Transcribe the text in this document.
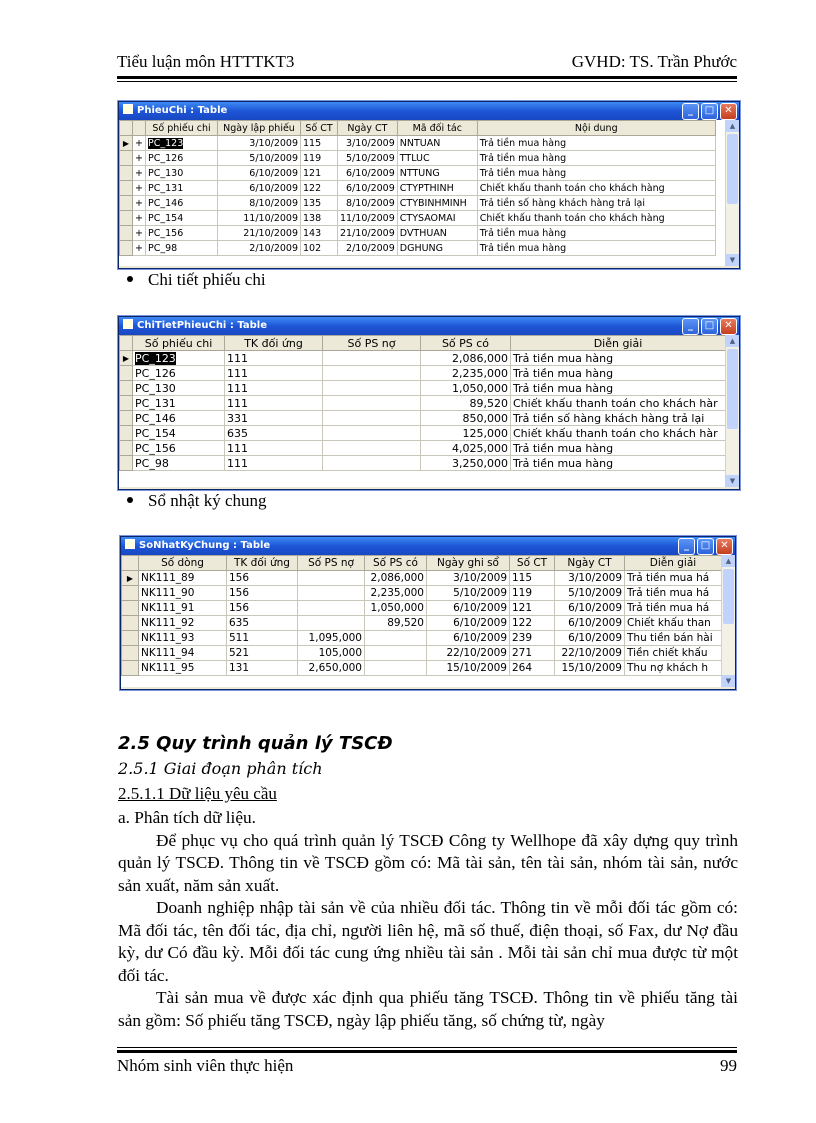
Tiểu luận môn HTTTKT3	GVHD: TS. Trần Phước
PhieuChi : Table	_	□	✕
		Số phiếu chi	Ngày lập phiếu	Số CT	Ngày CT	Mã đối tác	Nội dung
▶	+	PC_123	3/10/2009	115	3/10/2009	NNTUAN	Trả tiền mua hàng
	+	PC_126	5/10/2009	119	5/10/2009	TTLUC	Trả tiền mua hàng
	+	PC_130	6/10/2009	121	6/10/2009	NTTUNG	Trả tiền mua hàng
	+	PC_131	6/10/2009	122	6/10/2009	CTYPTHINH	Chiết khấu thanh toán cho khách hàng
	+	PC_146	8/10/2009	135	8/10/2009	CTYBINHMINH	Trả tiền số hàng khách hàng trả lại
	+	PC_154	11/10/2009	138	11/10/2009	CTYSAOMAI	Chiết khấu thanh toán cho khách hàng
	+	PC_156	21/10/2009	143	21/10/2009	DVTHUAN	Trả tiền mua hàng
	+	PC_98	2/10/2009	102	2/10/2009	DGHUNG	Trả tiền mua hàng
▲
▼
Chi tiết phiếu chi
ChiTietPhieuChi : Table	_	□	✕
	Số phiếu chi	TK đối ứng	Số PS nợ	Số PS có	Diễn giải
▶	PC_123	111		2,086,000	Trả tiền mua hàng
	PC_126	111		2,235,000	Trả tiền mua hàng
	PC_130	111		1,050,000	Trả tiền mua hàng
	PC_131	111		89,520	Chiết khấu thanh toán cho khách hàr
	PC_146	331		850,000	Trả tiền số hàng khách hàng trả lại
	PC_154	635		125,000	Chiết khấu thanh toán cho khách hàr
	PC_156	111		4,025,000	Trả tiền mua hàng
	PC_98	111		3,250,000	Trả tiền mua hàng
▲
▼
Sổ nhật ký chung
SoNhatKyChung : Table	_	□	✕
	Số dòng	TK đối ứng	Số PS nợ	Số PS có	Ngày ghi sổ	Số CT	Ngày CT	Diễn giải
▶	NK111_89	156		2,086,000	3/10/2009	115	3/10/2009	Trả tiền mua há
	NK111_90	156		2,235,000	5/10/2009	119	5/10/2009	Trả tiền mua há
	NK111_91	156		1,050,000	6/10/2009	121	6/10/2009	Trả tiền mua há
	NK111_92	635		89,520	6/10/2009	122	6/10/2009	Chiết khấu than
	NK111_93	511	1,095,000		6/10/2009	239	6/10/2009	Thu tiền bán hài
	NK111_94	521	105,000		22/10/2009	271	22/10/2009	Tiền chiết khấu
	NK111_95	131	2,650,000		15/10/2009	264	15/10/2009	Thu nợ khách h
▲
▼
2.5 Quy trình quản lý TSCĐ
2.5.1 Giai đoạn phân tích
2.5.1.1 Dữ liệu yêu cầu

a. Phân tích dữ liệu.

Để phục vụ cho quá trình quản lý TSCĐ Công ty Wellhope đã xây dựng quy trình quản lý TSCĐ. Thông tin về TSCĐ gồm có: Mã tài sản, tên tài sản, nhóm tài sản, nước sản xuất, năm sản xuất.

Doanh nghiệp nhập tài sản về của nhiều đối tác. Thông tin về mỗi đối tác gồm có: Mã đối tác, tên đối tác, địa chỉ, người liên hệ, mã số thuế, điện thoại, số Fax, dư Nợ đầu kỳ, dư Có đầu kỳ. Mỗi đối tác cung ứng nhiều tài sản . Mỗi tài sản chỉ mua được từ một đối tác.

Tài sản mua về được xác định qua phiếu tăng TSCĐ. Thông tin về phiếu tăng tài sản gồm: Số phiếu tăng TSCĐ, ngày lập phiếu tăng, số chứng từ, ngày

Nhóm sinh viên thực hiện	99
